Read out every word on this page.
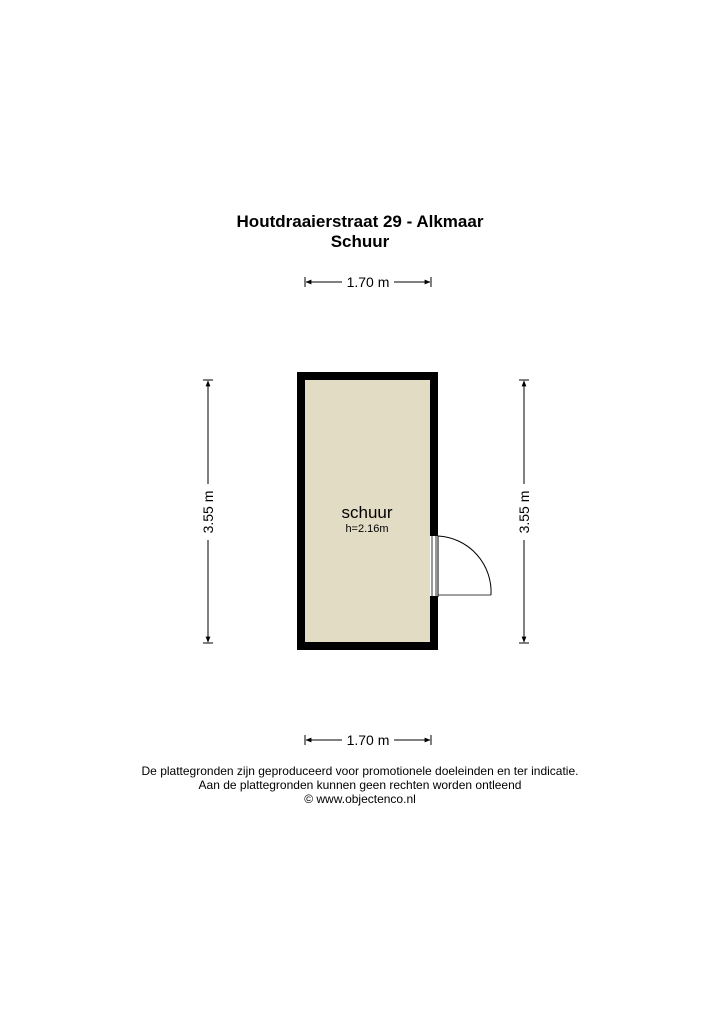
Houtdraaierstraat 29 - Alkmaar
Schuur
1.70 m
3.55 m	3.55 m
schuur
h=2.16m
1.70 m
De plattegronden zijn geproduceerd voor promotionele doeleinden en ter indicatie.
Aan de plattegronden kunnen geen rechten worden ontleend
© www.objectenco.nl
